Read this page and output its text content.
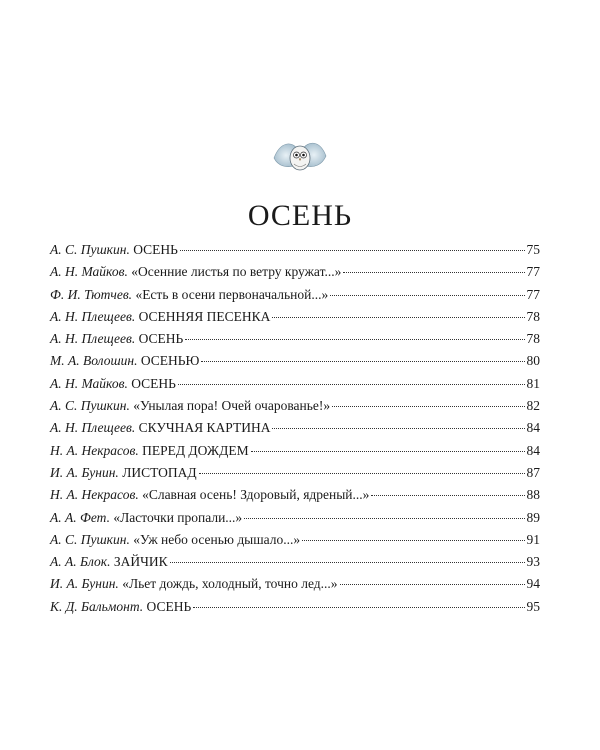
ОСЕНЬ
А. С. Пушкин. ОСЕНЬ	75
А. Н. Майков. «Осенние листья по ветру кружат...»	77
Ф. И. Тютчев. «Есть в осени первоначальной...»	77
А. Н. Плещеев. ОСЕННЯЯ ПЕСЕНКА	78
А. Н. Плещеев. ОСЕНЬ	78
М. А. Волошин. ОСЕНЬЮ	80
А. Н. Майков. ОСЕНЬ	81
А. С. Пушкин. «Унылая пора! Очей очарованье!»	82
А. Н. Плещеев. СКУЧНАЯ КАРТИНА	84
Н. А. Некрасов. ПЕРЕД ДОЖДЕМ	84
И. А. Бунин. ЛИСТОПАД	87
Н. А. Некрасов. «Славная осень! Здоровый, ядреный...»	88
А. А. Фет. «Ласточки пропали...»	89
А. С. Пушкин. «Уж небо осенью дышало...»	91
А. А. Блок. ЗАЙЧИК	93
И. А. Бунин. «Льет дождь, холодный, точно лед...»	94
К. Д. Бальмонт. ОСЕНЬ	95
